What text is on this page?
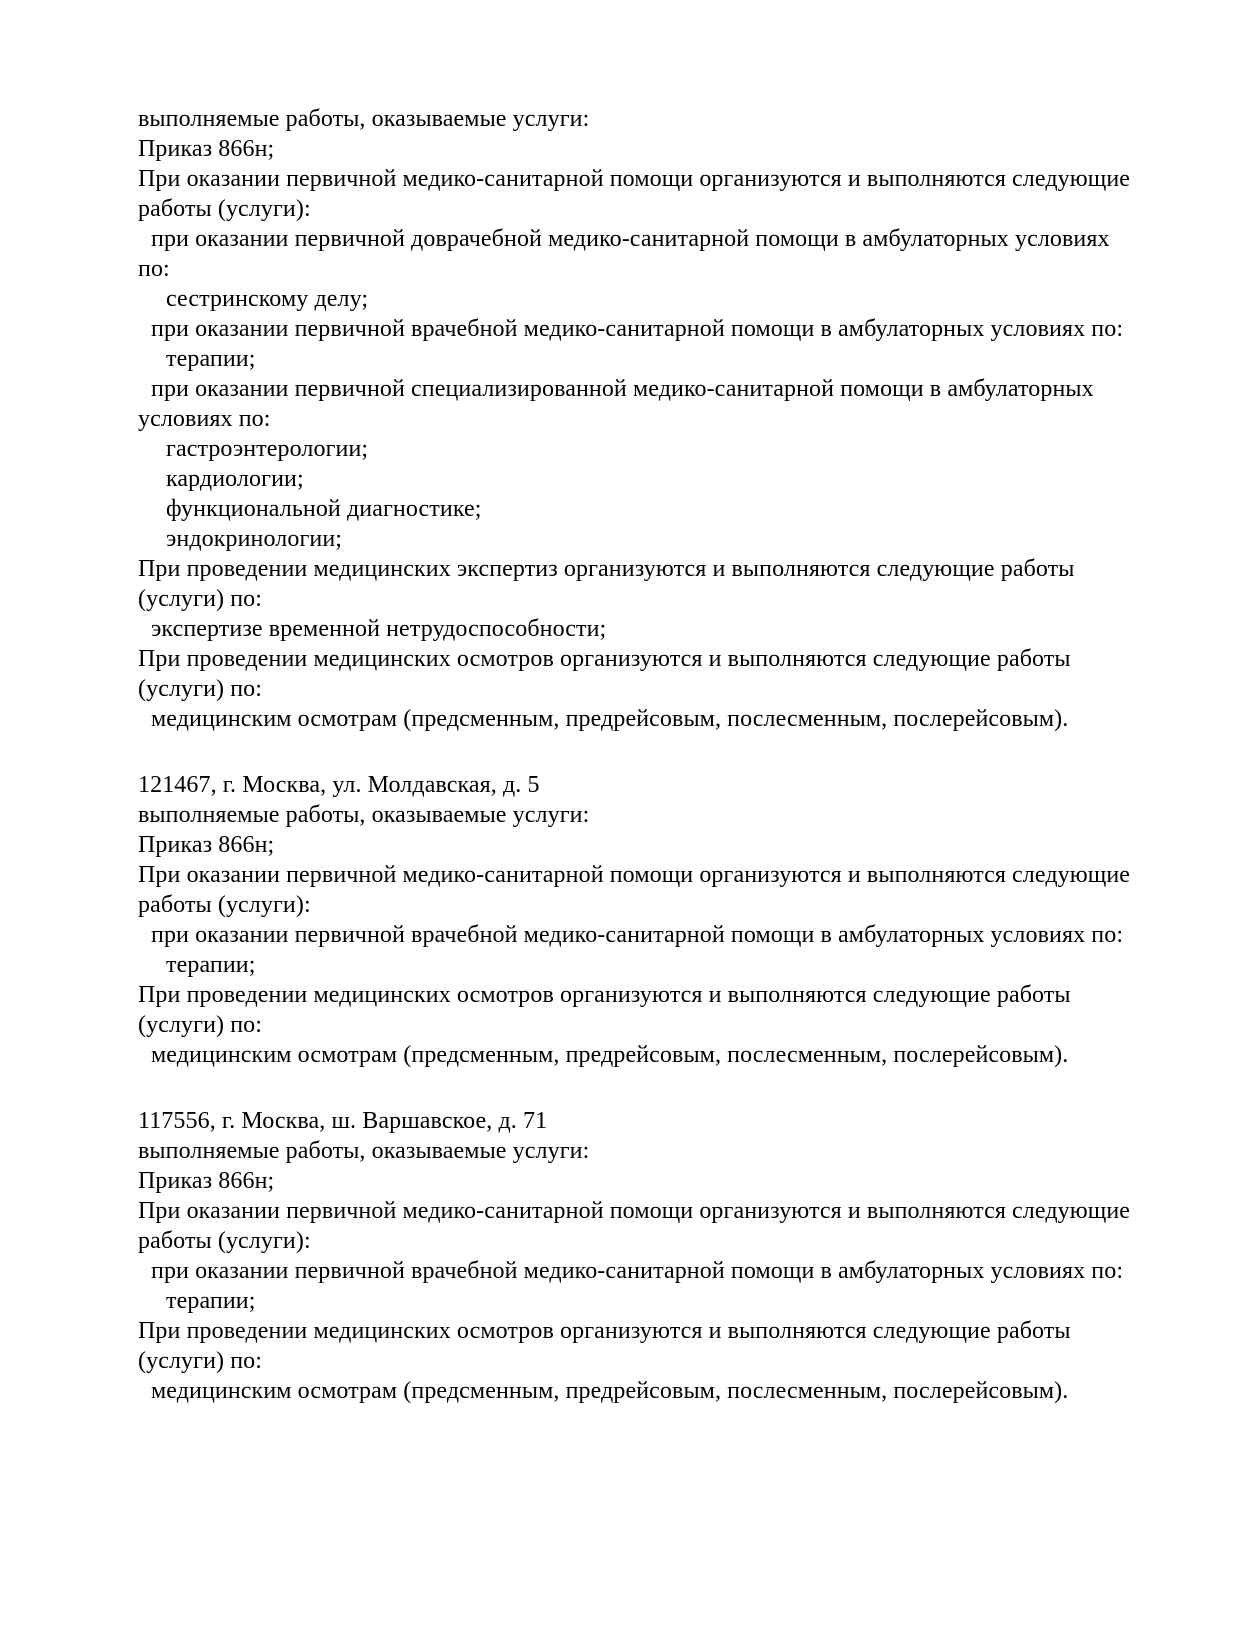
выполняемые работы, оказываемые услуги:
Приказ 866н;
При оказании первичной медико-санитарной помощи организуются и выполняются следующие
работы (услуги):
при оказании первичной доврачебной медико-санитарной помощи в амбулаторных условиях
по:
сестринскому делу;
при оказании первичной врачебной медико-санитарной помощи в амбулаторных условиях по:
терапии;
при оказании первичной специализированной медико-санитарной помощи в амбулаторных
условиях по:
гастроэнтерологии;
кардиологии;
функциональной диагностике;
эндокринологии;
При проведении медицинских экспертиз организуются и выполняются следующие работы
(услуги) по:
экспертизе временной нетрудоспособности;
При проведении медицинских осмотров организуются и выполняются следующие работы
(услуги) по:
медицинским осмотрам (предсменным, предрейсовым, послесменным, послерейсовым).
121467, г. Москва, ул. Молдавская, д. 5
выполняемые работы, оказываемые услуги:
Приказ 866н;
При оказании первичной медико-санитарной помощи организуются и выполняются следующие
работы (услуги):
при оказании первичной врачебной медико-санитарной помощи в амбулаторных условиях по:
терапии;
При проведении медицинских осмотров организуются и выполняются следующие работы
(услуги) по:
медицинским осмотрам (предсменным, предрейсовым, послесменным, послерейсовым).
117556, г. Москва, ш. Варшавское, д. 71
выполняемые работы, оказываемые услуги:
Приказ 866н;
При оказании первичной медико-санитарной помощи организуются и выполняются следующие
работы (услуги):
при оказании первичной врачебной медико-санитарной помощи в амбулаторных условиях по:
терапии;
При проведении медицинских осмотров организуются и выполняются следующие работы
(услуги) по:
медицинским осмотрам (предсменным, предрейсовым, послесменным, послерейсовым).
